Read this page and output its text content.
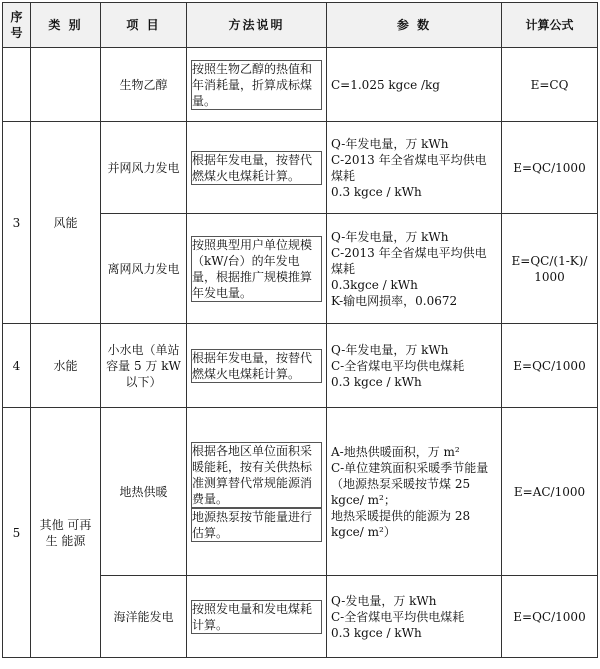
序号	类 别	项 目	方法说明	参 数	计算公式
		生物乙醇	按照生物乙醇的热值和年消耗量，折算成标煤量。	C=1.025 kgce /kg	E=CQ
3	风能	并网风力发电	根据年发电量，按替代燃煤火电煤耗计算。	Q-年发电量，万 kWh
C-2013 年全省煤电平均供电煤耗
0.3 kgce / kWh	E=QC/1000
		离网风力发电	按照典型用户单位规模（kW/台）的年发电量，根据推广规模推算年发电量。	Q-年发电量，万 kWh
C-2013 年全省煤电平均供电煤耗
0.3kgce / kWh
K-输电网损率，0.0672	E=QC/(1-K)/ 1000
4	水能	小水电（单站容量 5 万 kW 以下）	根据年发电量，按替代燃煤火电煤耗计算。	Q-年发电量，万 kWh
C-全省煤电平均供电煤耗
0.3 kgce / kWh	E=QC/1000
5	其他 可再生 能源	地热供暖	根据各地区单位面积采暖能耗，按有关供热标准测算替代常规能源消费量。
地源热泵按节能量进行估算。	A-地热供暖面积，万 m²
C-单位建筑面积采暖季节能量
（地源热泵采暖按节煤 25 kgce/ m²；
地热采暖提供的能源为 28 kgce/ m²）	E=AC/1000
		海洋能发电	按照发电量和发电煤耗计算。	Q-发电量，万 kWh
C-全省煤电平均供电煤耗
0.3 kgce / kWh	E=QC/1000
